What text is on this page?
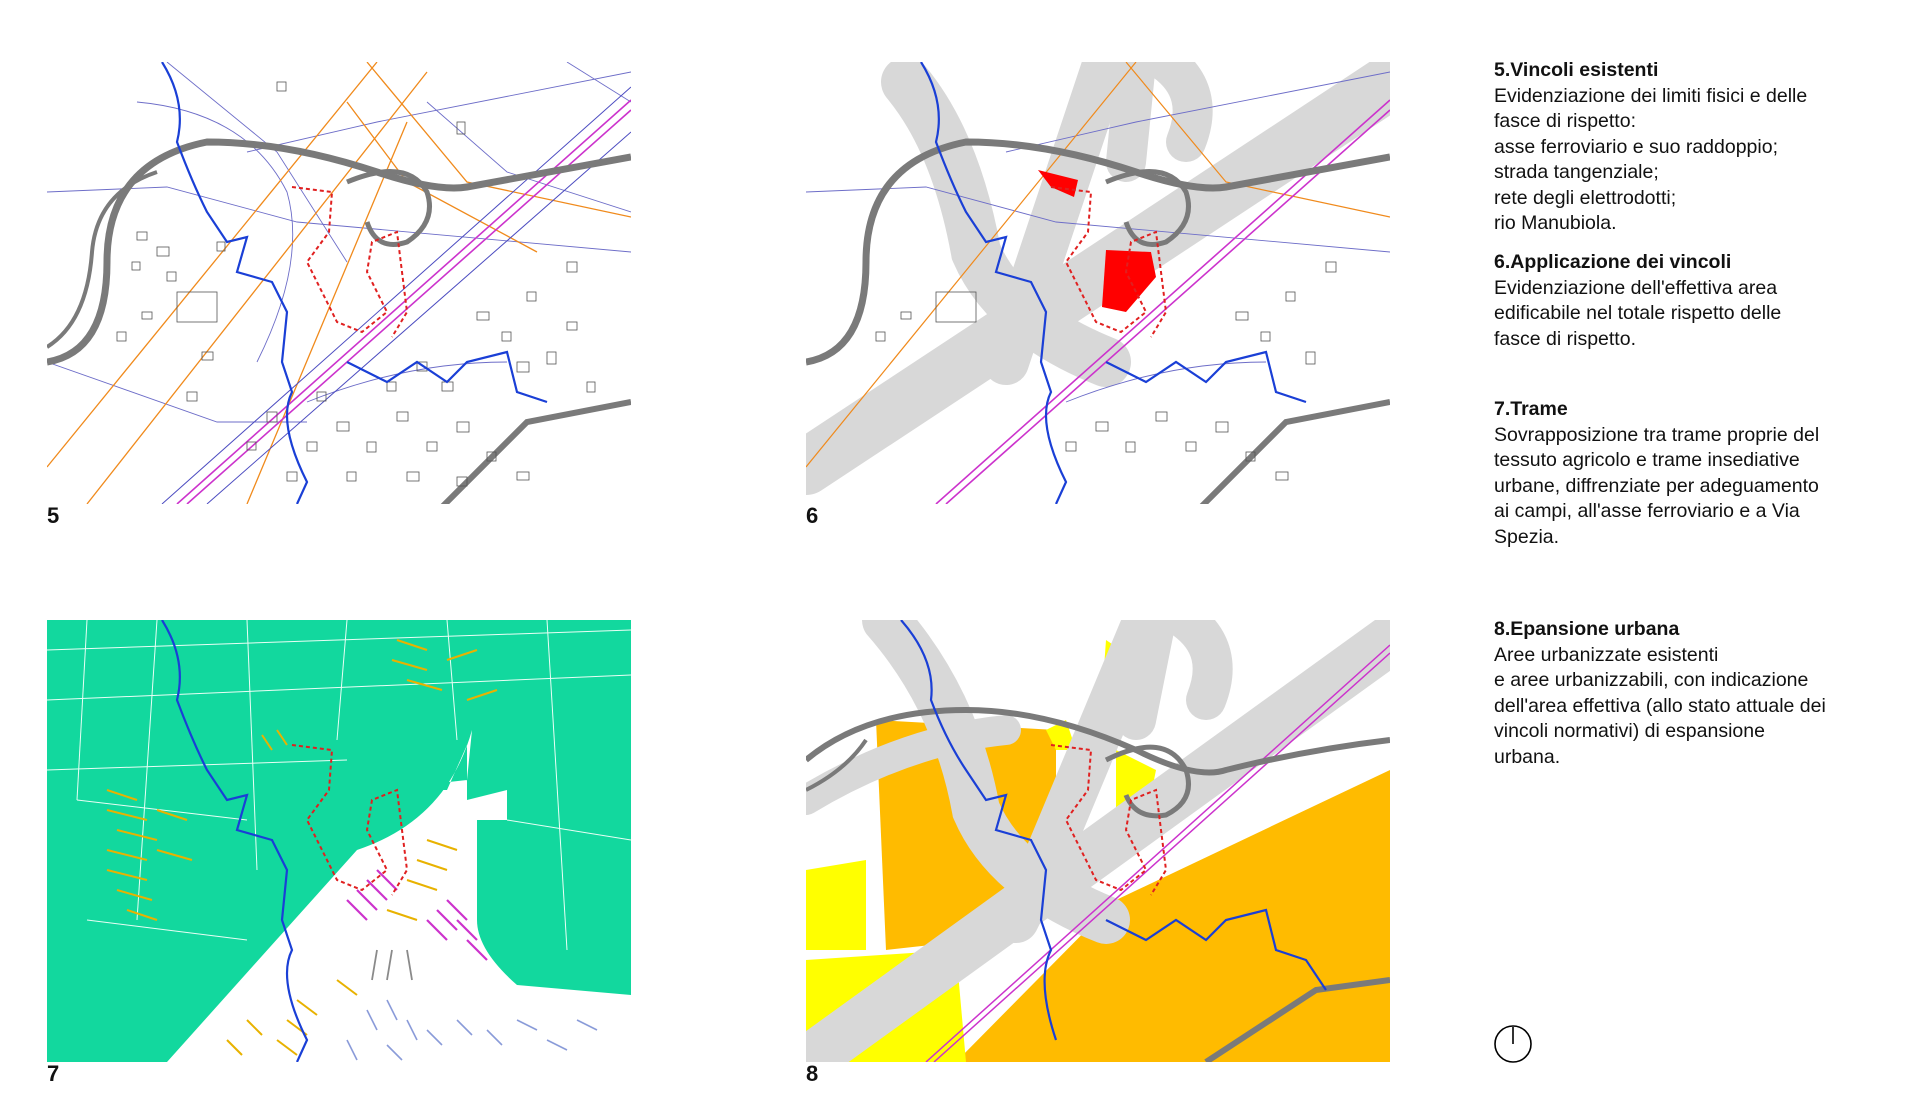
5	6
7	8
5.Vincoli esistenti

Evidenziazione dei limiti fisici e delle
fasce di rispetto:
asse ferroviario e suo raddoppio;
strada tangenziale;
rete degli elettrodotti;
rio Manubiola.

6.Applicazione dei vincoli

Evidenziazione dell'effettiva area
edificabile nel totale rispetto delle
fasce di rispetto.

7.Trame

Sovrapposizione tra trame proprie del
tessuto agricolo e trame insediative
urbane, diffrenziate per adeguamento
ai campi, all'asse ferroviario e a Via
Spezia.

8.Epansione urbana

Aree urbanizzate esistenti
e aree urbanizzabili, con indicazione
dell'area effettiva (allo stato attuale dei
vincoli normativi) di espansione
urbana.
